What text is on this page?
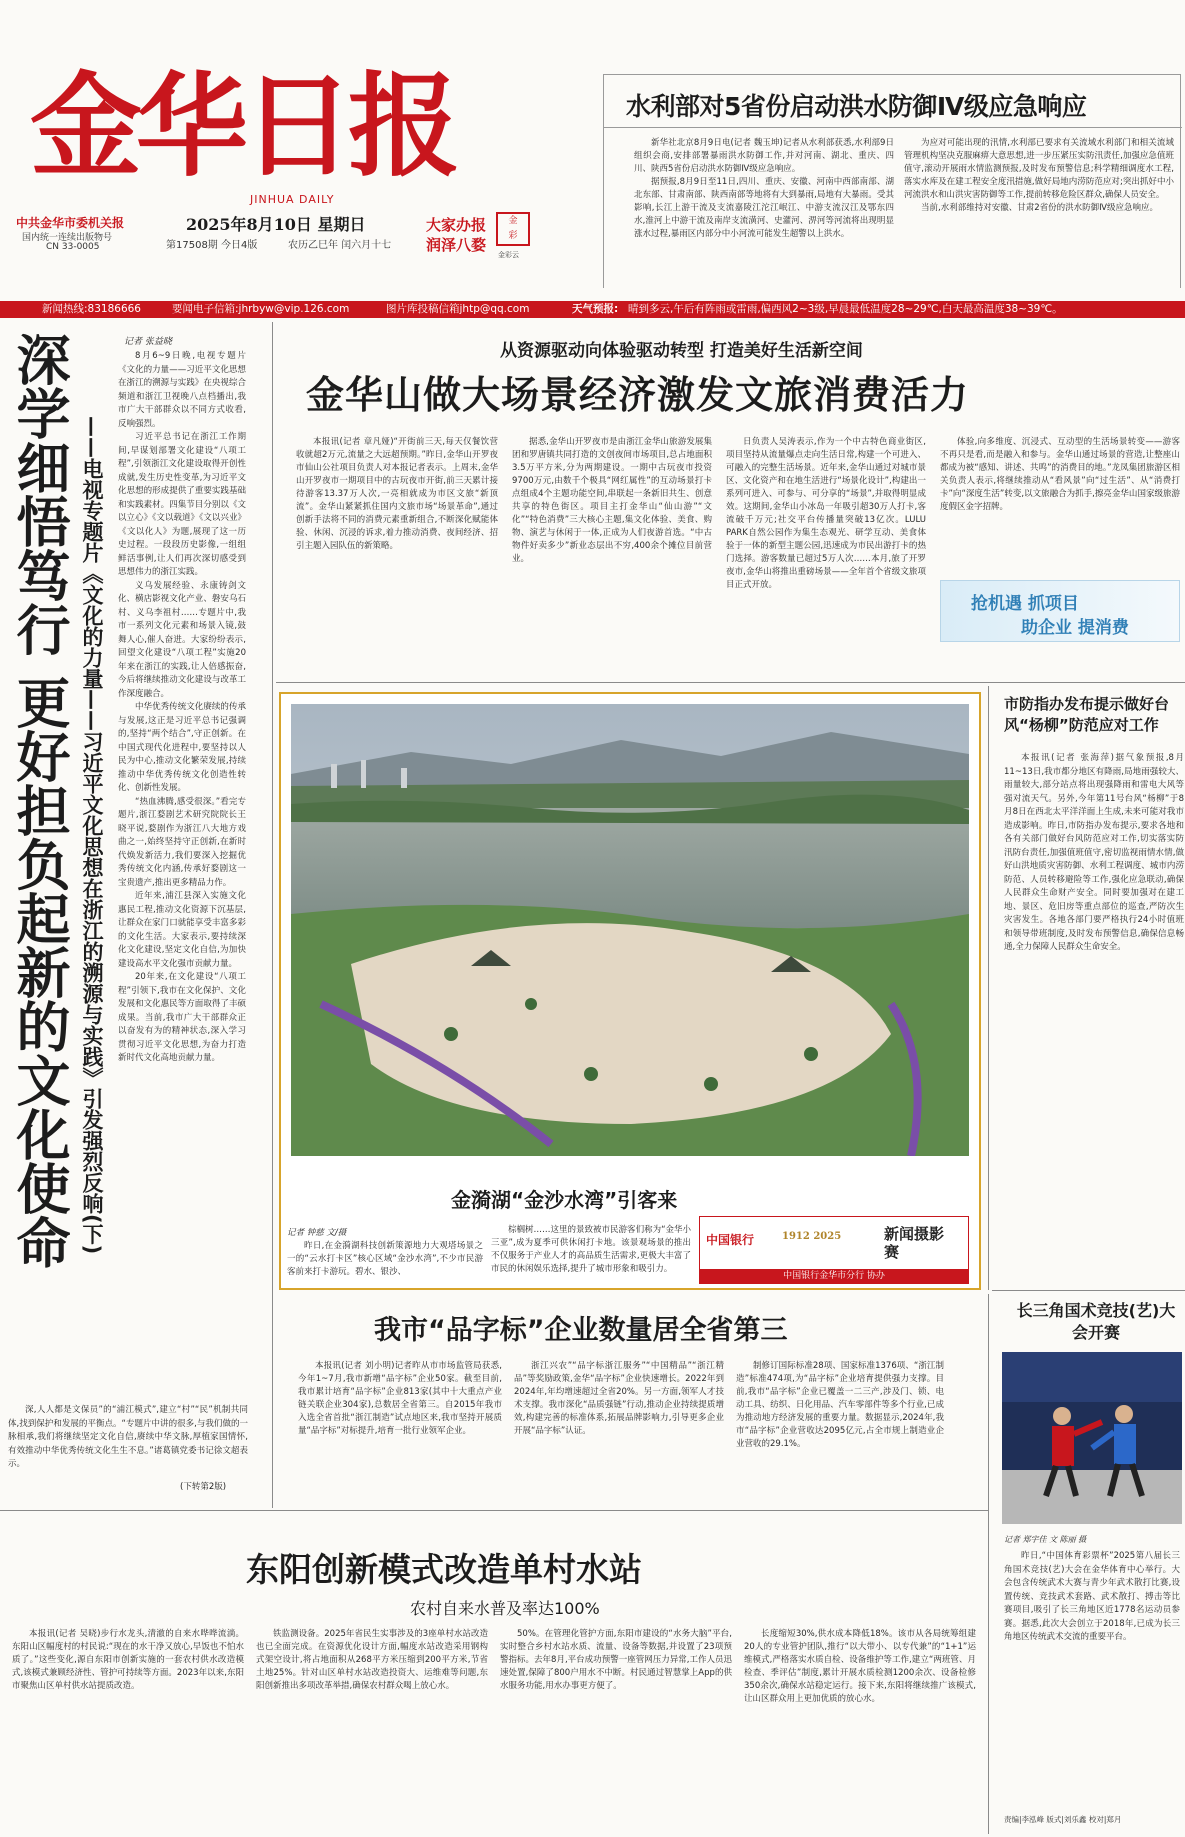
金华日报
JINHUA DAILY
中共金华市委机关报
国内统一连续出版物号
CN 33-0005
2025年8月10日 星期日
第17508期 今日4版	农历乙巳年 闰六月十七
大家办报
润泽八婺
金
彩
金彩云
水利部对5省份启动洪水防御Ⅳ级应急响应

新华社北京8月9日电(记者 魏玉坤)记者从水利部获悉,水利部9日组织会商,安排部署暴雨洪水防御工作,并对河南、湖北、重庆、四川、陕西5省份启动洪水防御Ⅳ级应急响应。

据预报,8月9日至11日,四川、重庆、安徽、河南中西部南部、湖北东部、甘肃南部、陕西南部等地将有大到暴雨,局地有大暴雨。受其影响,长江上游干流及支流嘉陵江沱江岷江、中游支流汉江及鄂东四水,淮河上中游干流及南岸支流潢河、史灌河、淠河等河流将出现明显涨水过程,暴雨区内部分中小河流可能发生超警以上洪水。

为应对可能出现的汛情,水利部已要求有关流域水利部门和相关流域管理机构坚决克服麻痹大意思想,进一步压紧压实防汛责任,加强应急值班值守,滚动开展雨水情监测预报,及时发布预警信息;科学精细调度水工程,落实水库及在建工程安全度汛措施,做好局地内涝防范应对;突出抓好中小河流洪水和山洪灾害防御等工作,提前转移危险区群众,确保人员安全。

当前,水利部维持对安徽、甘肃2省份的洪水防御Ⅳ级应急响应。

新闻热线:83186666	要闻电子信箱:jhrbyw@vip.126.com	图片库投稿信箱jhtp@qq.com	天气预报: 晴到多云,午后有阵雨或雷雨,偏西风2~3级,早晨最低温度28~29℃,白天最高温度38~39℃。
深学细悟笃行 更好担负起新的文化使命 ——电视专题片《文化的力量——习近平文化思想在浙江的溯源与实践》引发强烈反响(下)
记者 张益晓

8月6~9日晚,电视专题片《文化的力量——习近平文化思想在浙江的溯源与实践》在央视综合频道和浙江卫视晚八点档播出,我市广大干部群众以不同方式收看,反响强烈。

习近平总书记在浙江工作期间,早谋划部署文化建设“八项工程”,引领浙江文化建设取得开创性成就,发生历史性变革,为习近平文化思想的形成提供了重要实践基础和实践素材。四集节目分别以《文以立心》《文以载道》《文以兴业》《文以化人》为题,展现了这一历史过程。一段段历史影像,一组组鲜活事例,让人们再次深切感受到思想伟力的浙江实践。

义乌发展经验、永康铸剑文化、横店影视文化产业、磐安乌石村、义乌李祖村……专题片中,我市一系列文化元素和场景入镜,鼓舞人心,催人奋进。大家纷纷表示,回望文化建设“八项工程”实施20年来在浙江的实践,让人倍感振奋,今后将继续推动文化建设与改革工作深度融合。

中华优秀传统文化赓续的传承与发展,这正是习近平总书记强调的,坚持“两个结合”,守正创新。在中国式现代化进程中,要坚持以人民为中心,推动文化繁荣发展,持续推动中华优秀传统文化创造性转化、创新性发展。

“热血沸腾,感受很深。”看完专题片,浙江婺剧艺术研究院院长王晓平说,婺剧作为浙江八大地方戏曲之一,始终坚持守正创新,在新时代焕发新活力,我们要深入挖掘优秀传统文化内涵,传承好婺剧这一宝贵遗产,推出更多精品力作。

近年来,浦江县深入实施文化惠民工程,推动文化资源下沉基层,让群众在家门口就能享受丰富多彩的文化生活。大家表示,要持续深化文化建设,坚定文化自信,为加快建设高水平文化强市贡献力量。

20年来,在文化建设“八项工程”引领下,我市在文化保护、文化发展和文化惠民等方面取得了丰硕成果。当前,我市广大干部群众正以奋发有为的精神状态,深入学习贯彻习近平文化思想,为奋力打造新时代文化高地贡献力量。

深,人人都是文保员”的“浦江模式”,建立“村”“民”机制共同体,找到保护和发展的平衡点。“专题片中讲的很多,与我们做的一脉相承,我们将继续坚定文化自信,赓续中华文脉,厚植家国情怀,有效推动中华优秀传统文化生生不息。”诸葛镇党委书记徐文超表示。

(下转第2版)
从资源驱动向体验驱动转型 打造美好生活新空间
金华山做大场景经济激发文旅消费活力

本报讯(记者 章凡娅)“开街前三天,每天仅餐饮营收就超2万元,流量之大远超预期。”昨日,金华山开罗夜市仙山公社项目负责人对本报记者表示。上周末,金华山开罗夜市一期项目中的古玩夜市开街,前三天累计接待游客13.37万人次,一亮相就成为市区文旅“新顶流”。金华山紧紧抓住国内文旅市场“场景革命”,通过创新手法将不同的消费元素重新组合,不断深化赋能体验、休闲、沉浸的诉求,着力推动消费、夜间经济、招引主题入园队伍的新策略。

据悉,金华山开罗夜市是由浙江金华山旅游发展集团和罗唐镇共同打造的文创夜间市场项目,总占地面积3.5万平方米,分为两期建设。一期中古玩夜市投资9700万元,由数千个极具“网红属性”的互动场景打卡点组成4个主题功能空间,串联起一条新旧共生、创意共享的特色街区。项目主打金华山“仙山游”“文化”“特色消费”三大核心主题,集文化体验、美食、购物、演艺与休闲于一体,正成为人们夜游首选。“中古物件好卖多少”新业态层出不穷,400余个摊位目前营业。

日负责人吴涛表示,作为一个中古特色商业街区,项目坚持从流量爆点走向生活日常,构建一个可进入、可融入的完整生活场景。近年来,金华山通过对城市景区、文化资产和在地生活进行“场景化设计”,构建出一系列可进入、可参与、可分享的“场景”,并取得明显成效。这期间,金华山小冰岛一年吸引超30万人打卡,客流破千万元;社交平台传播量突破13亿次。LULU PARK自然公园作为集生态观光、研学互动、美食体验于一体的新型主题公园,迅速成为市民出游打卡的热门选择。游客数量已超过5万人次……本月,旅了开罗夜市,金华山将推出重磅场景——全年首个省级文旅项目正式开放。

体验,向多维度、沉浸式、互动型的生活场景转变——游客不再只是看,而是融入和参与。金华山通过场景的营造,让整座山都成为被“感知、讲述、共鸣”的消费目的地。”龙凤集团旅游区相关负责人表示,将继续推动从“看风景”向“过生活”、从“消费打卡”向“深度生活”转变,以文旅融合为抓手,擦亮金华山国家级旅游度假区金字招牌。

抢机遇 抓项目
助企业 提消费
金漪湖“金沙水湾”引客来
记者 钟慈 文/摄

昨日,在金漪湖科技创新策源地力大观塔场景之一的“云水打卡区”核心区域“金沙水湾”,不少市民游客前来打卡游玩。碧水、银沙、

棕榈树……这里的景致被市民游客们称为“金华小三亚”,成为夏季可供休闲打卡地。该景观场景的推出不仅服务于产业人才的高品质生活需求,更极大丰富了市民的休闲娱乐选择,提升了城市形象和吸引力。

中国银行	1912 2025	新闻摄影赛
中国银行金华市分行 协办
市防指办发布提示做好台风“杨柳”防范应对工作

本报讯(记者 张海萍)据气象预报,8月11~13日,我市都分地区有降雨,局地雨强较大、雨量较大,部分站点将出现强降雨和雷电大风等强对流天气。另外,今年第11号台风“杨柳”于8月8日在西北太平洋洋面上生成,未来可能对我市造成影响。昨日,市防指办发布提示,要求各地和各有关部门做好台风防范应对工作,切实落实防汛防台责任,加强值班值守,密切监视雨情水情,做好山洪地质灾害防御、水利工程调度、城市内涝防范、人员转移避险等工作,强化应急联动,确保人民群众生命财产安全。同时要加强对在建工地、景区、危旧房等重点部位的巡查,严防次生灾害发生。各地各部门要严格执行24小时值班和领导带班制度,及时发布预警信息,确保信息畅通,全力保障人民群众生命安全。

长三角国术竞技(艺)大会开赛
记者 郑宇佳 文 陈丽 摄

昨日,“中国体育彩票杯”2025第八届长三角国术竞技(艺)大会在金华体育中心举行。大会包含传统武术大赛与青少年武术散打比赛,设置传统、竞技武术套路、武术散打、搏击等比赛项目,吸引了长三角地区近1778名运动员参赛。据悉,此次大会创立于2018年,已成为长三角地区传统武术交流的重要平台。

责编|李泓峰 版式|刘乐鑫 校对|郑月
我市“品字标”企业数量居全省第三

本报讯(记者 刘小明)记者昨从市市场监管局获悉,今年1~7月,我市新增“品字标”企业50家。截至目前,我市累计培育“品字标”企业813家(其中十大重点产业链关联企业304家),总数居全省第三。自2015年我市入选全省首批“浙江制造”试点地区来,我市坚持开展质量“品字标”对标提升,培育一批行业领军企业。

浙江兴农”“品字标浙江服务”“中国精品”“浙江精品”等奖励政策,金华“品字标”企业快速增长。2022年到2024年,年均增速超过全省20%。另一方面,领军人才技术支撑。我市深化“品质强链”行动,推动企业持续提质增效,构建完善的标准体系,拓展品牌影响力,引导更多企业开展“品字标”认证。

制修订国际标准28项、国家标准1376项、“浙江制造”标准474项,为“品字标”企业培育提供强力支撑。目前,我市“品字标”企业已覆盖一二三产,涉及门、锁、电动工具、纺织、日化用品、汽车零部件等多个行业,已成为推动地方经济发展的重要力量。数据显示,2024年,我市“品字标”企业营收达2095亿元,占全市规上制造业企业营收的29.1%。

东阳创新模式改造单村水站
农村自来水普及率达100%

本报讯(记者 吴晓)步行水龙头,清澈的自来水哗哗流淌。东阳山区幅度村的村民说:“现在的水干净又放心,早饭也不怕水质了。”这些变化,源自东阳市创新实施的一套农村供水改造模式,该模式兼顾经济性、管护可持续等方面。2023年以来,东阳市聚焦山区单村供水站提质改造。

铁监测设备。2025年省民生实事涉及的3座单村水站改造也已全面完成。在资源优化设计方面,幅度水站改造采用钢构式架空设计,将占地面积从268平方米压缩到200平方米,节省土地25%。针对山区单村水站改造投资大、运维难等问题,东阳创新推出多项改革举措,确保农村群众喝上放心水。

50%。在管理化管护方面,东阳市建设的“水务大脑”平台,实时整合乡村水站水质、流量、设备等数据,并设置了23项预警指标。去年8月,平台成功预警一座管网压力异常,工作人员迅速处置,保障了800户用水不中断。村民通过智慧掌上App的供水服务功能,用水办事更方便了。

长度缩短30%,供水成本降低18%。该市从各局统筹组建20人的专业管护团队,推行“以大带小、以专代兼”的“1+1”运维模式,严格落实水质自检、设备维护等工作,建立“两班管、月检查、季评估”制度,累计开展水质检测1200余次、设备检修350余次,确保水站稳定运行。接下来,东阳将继续推广该模式,让山区群众用上更加优质的放心水。
